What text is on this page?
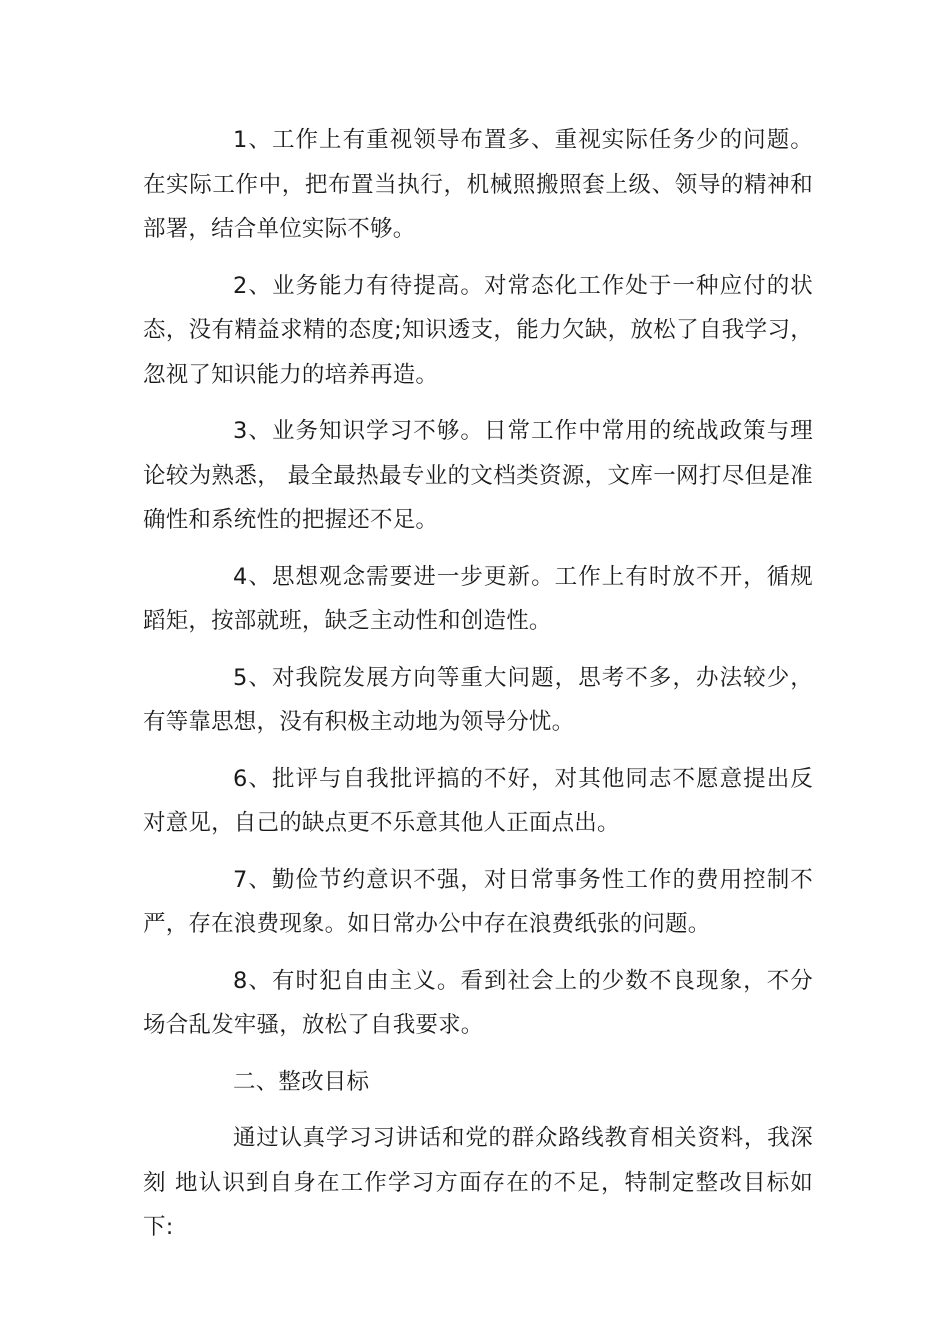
1、工作上有重视领导布置多、重视实际任务少的问题。在实际工作中，把布置当执行，机械照搬照套上级、领导的精神和部署，结合单位实际不够。

2、业务能力有待提高。对常态化工作处于一种应付的状态，没有精益求精的态度;知识透支，能力欠缺，放松了自我学习，忽视了知识能力的培养再造。

3、业务知识学习不够。日常工作中常用的统战政策与理论较为熟悉， 最全最热最专业的文档类资源，文库一网打尽但是准确性和系统性的把握还不足。

4、思想观念需要进一步更新。工作上有时放不开，循规蹈矩，按部就班，缺乏主动性和创造性。

5、对我院发展方向等重大问题，思考不多，办法较少，有等靠思想，没有积极主动地为领导分忧。

6、批评与自我批评搞的不好，对其他同志不愿意提出反对意见，自己的缺点更不乐意其他人正面点出。

7、勤俭节约意识不强，对日常事务性工作的费用控制不严，存在浪费现象。如日常办公中存在浪费纸张的问题。

8、有时犯自由主义。看到社会上的少数不良现象，不分场合乱发牢骚，放松了自我要求。

二、整改目标

通过认真学习习讲话和党的群众路线教育相关资料，我深刻 地认识到自身在工作学习方面存在的不足，特制定整改目标如下:
